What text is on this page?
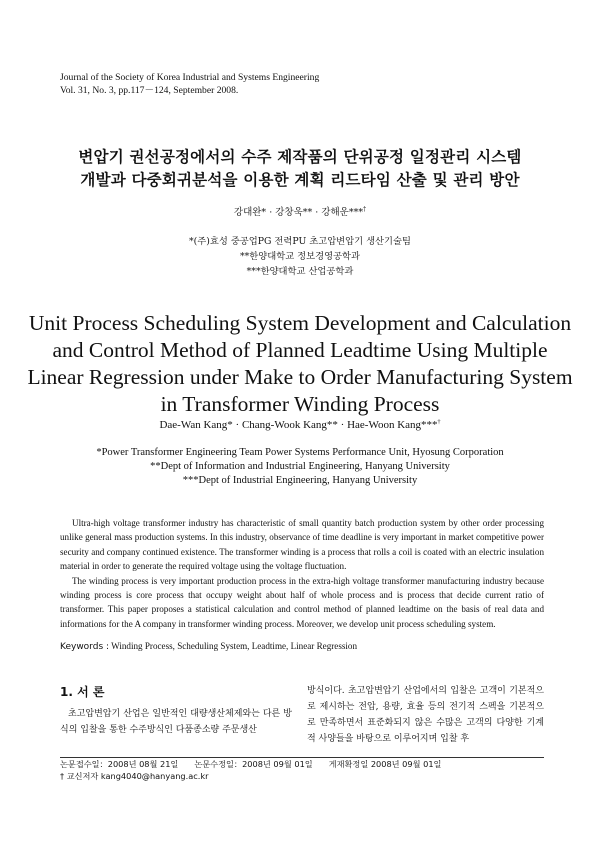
Journal of the Society of Korea Industrial and Systems Engineering
Vol. 31, No. 3, pp.117－124, September 2008.
변압기 권선공정에서의 수주 제작품의 단위공정 일정관리 시스템
개발과 다중회귀분석을 이용한 계획 리드타임 산출 및 관리 방안
강대완* · 강창욱** · 강해운***†
*(주)효성 중공업PG 전력PU 초고압변압기 생산기술팀
**한양대학교 정보경영공학과
***한양대학교 산업공학과
Unit Process Scheduling System Development and Calculation
and Control Method of Planned Leadtime Using Multiple
Linear Regression under Make to Order Manufacturing System
in Transformer Winding Process
Dae-Wan Kang* · Chang-Wook Kang** · Hae-Woon Kang***†
*Power Transformer Engineering Team Power Systems Performance Unit, Hyosung Corporation
**Dept of Information and Industrial Engineering, Hanyang University
***Dept of Industrial Engineering, Hanyang University

Ultra-high voltage transformer industry has characteristic of small quantity batch production system by other order processing unlike general mass production systems. In this industry, observance of time deadline is very important in market competitive power security and company continued existence. The transformer winding is a process that rolls a coil is coated with an electric insulation material in order to generate the required voltage using the voltage fluctuation.

The winding process is very important production process in the extra-high voltage transformer manufacturing industry because winding process is core process that occupy weight about half of whole process and is process that decide current ratio of transformer. This paper proposes a statistical calculation and control method of planned leadtime on the basis of real data and informations for the A company in transformer winding process. Moreover, we develop unit process scheduling system.

Keywords : Winding Process, Scheduling System, Leadtime, Linear Regression
1. 서 론

초고압변압기 산업은 일반적인 대량생산체제와는 다른 방식의 입찰을 통한 수주방식인 다품종소량 주문생산

방식이다. 초고압변압기 산업에서의 입찰은 고객이 기본적으로 제시하는 전압, 용량, 효율 등의 전기적 스펙을 기본적으로 만족하면서 표준화되지 않은 수많은 고객의 다양한 기계적 사양들을 바탕으로 이루어지며 입찰 후

논문접수일：2008년 08월 21일 논문수정일：2008년 09월 01일 게재확정일 2008년 09월 01일
† 교신저자 kang4040@hanyang.ac.kr
